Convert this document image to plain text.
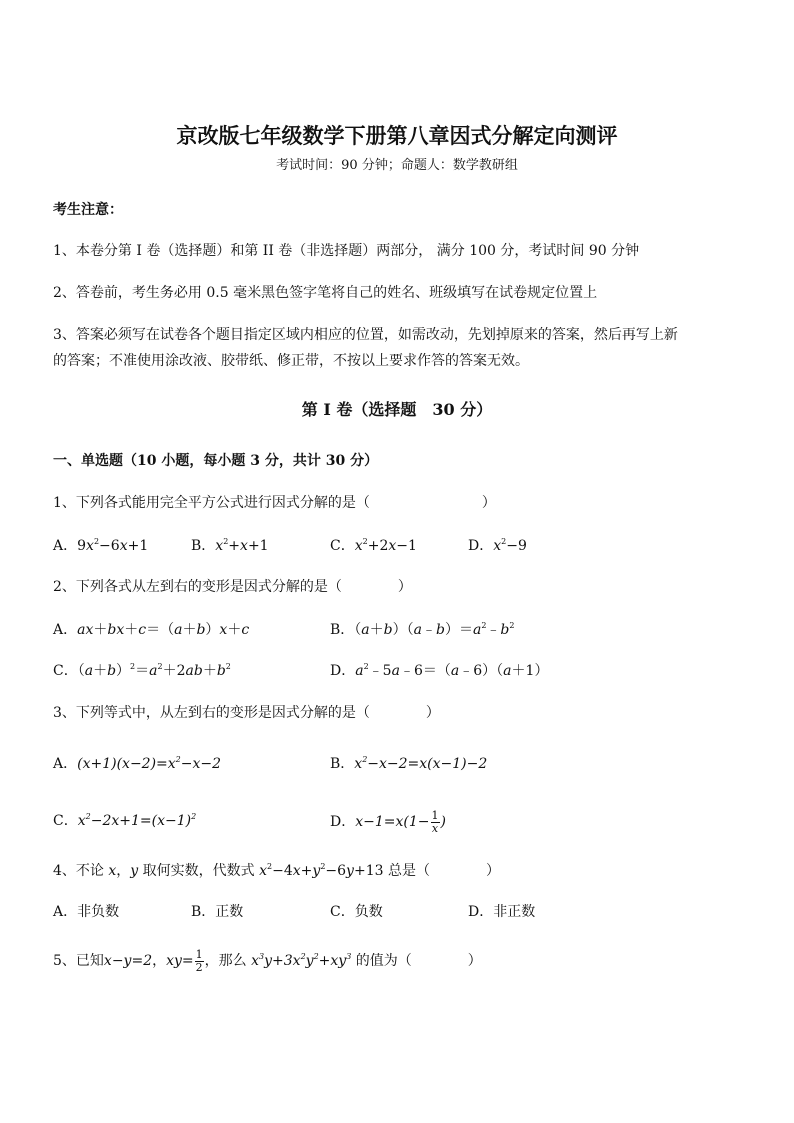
京改版七年级数学下册第八章因式分解定向测评
考试时间：90 分钟；命题人：数学教研组
考生注意：
1、本卷分第 I 卷（选择题）和第 II 卷（非选择题）两部分， 满分 100 分，考试时间 90 分钟
2、答卷前，考生务必用 0.5 毫米黑色签字笔将自己的姓名、班级填写在试卷规定位置上
3、答案必须写在试卷各个题目指定区域内相应的位置，如需改动，先划掉原来的答案，然后再写上新
的答案；不准使用涂改液、胶带纸、修正带，不按以上要求作答的答案无效。
第 I 卷（选择题　30 分）
一、单选题（10 小题，每小题 3 分，共计 30 分）
1、下列各式能用完全平方公式进行因式分解的是（　　　　　　　　）
A．$9x^2-6x+1$	B．$x^2+x+1$	C．$x^2+2x-1$	D．$x^2-9$
2、下列各式从左到右的变形是因式分解的是（　　　　）
A．ax＋bx＋c＝（a＋b）x＋c	B．$(a+b)(a﹣b)=a^2﹣b^2$
C．$(a+b)^2=a^2+2ab+b^2$	D．$a^2﹣5a﹣6=(a﹣6)(a+1)$
3、下列等式中，从左到右的变形是因式分解的是（　　　　）
A．$(x+1)(x-2)=x^2-x-2$	B．$x^2-x-2=x(x-1)-2$
C．$x^2-2x+1=(x-1)^2$	D．$x-1=x(1- \frac{1}{x}$ )
4、不论 x，y 取何实数，代数式 $x^2-4x+y^2-6y+13$ 总是（　　　　）
A．非负数	B．正数	C．负数	D．非正数
5、已知x−y=2，$xy= \frac{1}{2}$ ，那么 $x^3y+3x^2y^2+xy^3$ 的值为（　　　　）
